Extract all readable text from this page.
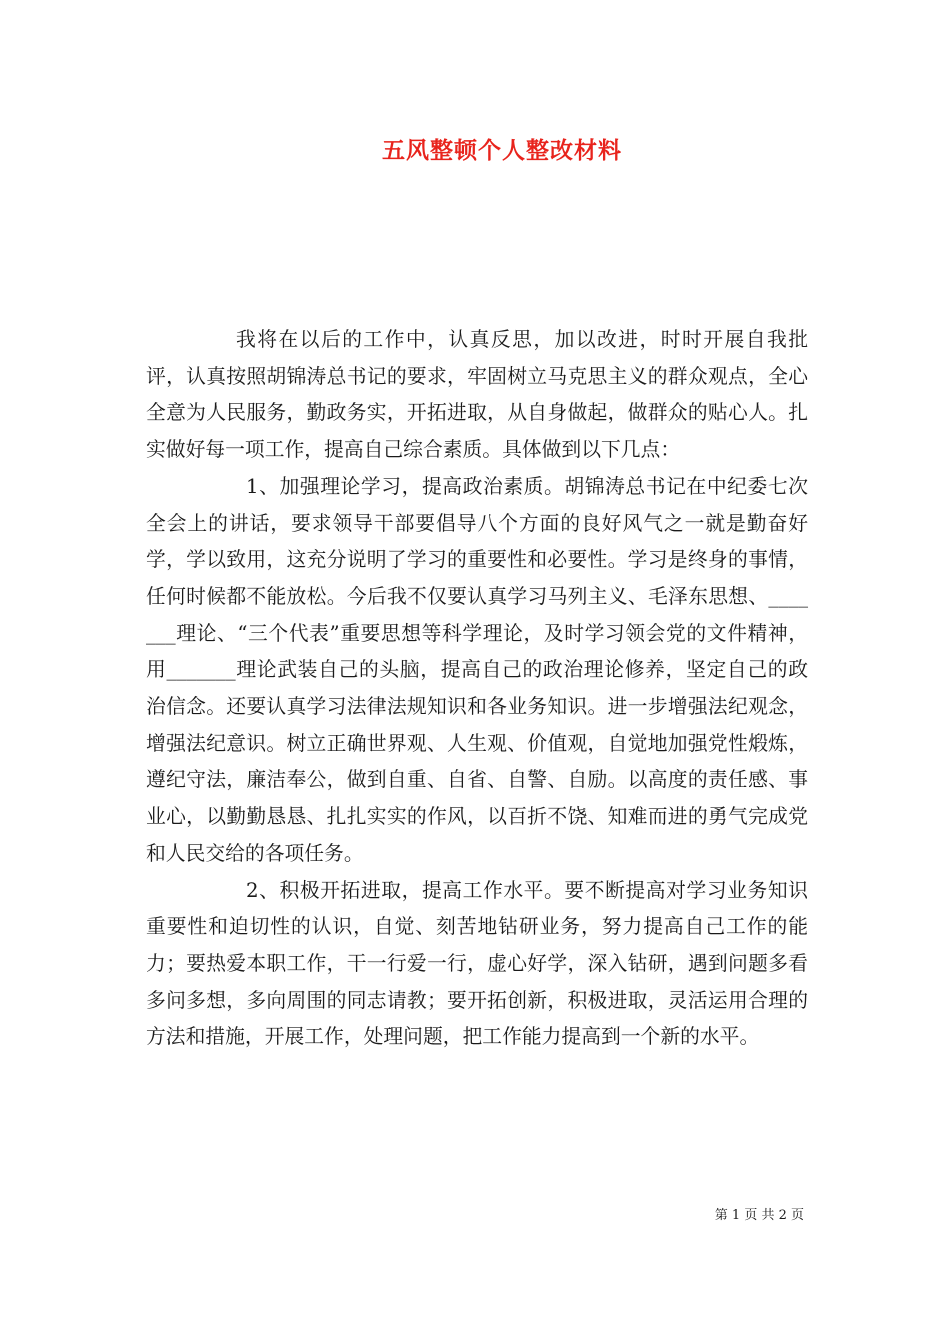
五风整顿个人整改材料

我将在以后的工作中，认真反思，加以改进，时时开展自我批评，认真按照胡锦涛总书记的要求，牢固树立马克思主义的群众观点，全心全意为人民服务，勤政务实，开拓进取，从自身做起，做群众的贴心人。扎实做好每一项工作，提高自己综合素质。具体做到以下几点：

1、加强理论学习，提高政治素质。胡锦涛总书记在中纪委七次全会上的讲话，要求领导干部要倡导八个方面的良好风气之一就是勤奋好学，学以致用，这充分说明了学习的重要性和必要性。学习是终身的事情，任何时候都不能放松。今后我不仅要认真学习马列主义、毛泽东思想、_______理论、“三个代表”重要思想等科学理论，及时学习领会党的文件精神，用_______理论武装自己的头脑，提高自己的政治理论修养，坚定自己的政治信念。还要认真学习法律法规知识和各业务知识。进一步增强法纪观念，增强法纪意识。树立正确世界观、人生观、价值观，自觉地加强党性煅炼，遵纪守法，廉洁奉公，做到自重、自省、自警、自励。以高度的责任感、事业心，以勤勤恳恳、扎扎实实的作风，以百折不饶、知难而进的勇气完成党和人民交给的各项任务。

2、积极开拓进取，提高工作水平。要不断提高对学习业务知识重要性和迫切性的认识，自觉、刻苦地钻研业务，努力提高自己工作的能力；要热爱本职工作，干一行爱一行，虚心好学，深入钻研，遇到问题多看多问多想，多向周围的同志请教；要开拓创新，积极进取，灵活运用合理的方法和措施，开展工作，处理问题，把工作能力提高到一个新的水平。

第 1 页 共 2 页
